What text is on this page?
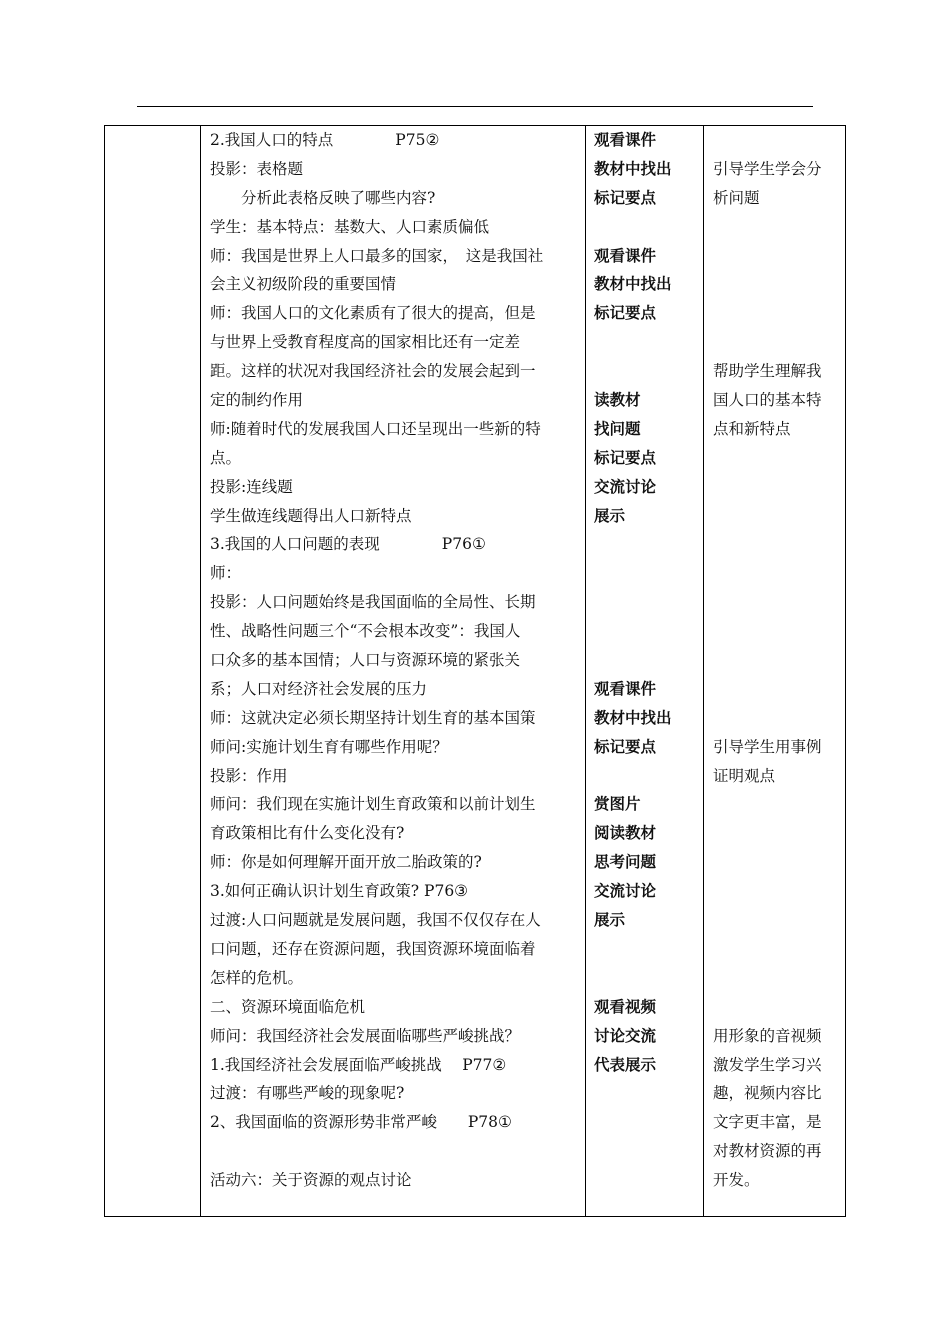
2.我国人口的特点　　　　P75②
投影：表格题
　　分析此表格反映了哪些内容?
学生：基本特点：基数大、人口素质偏低
师：我国是世界上人口最多的国家，　这是我国社
会主义初级阶段的重要国情
师：我国人口的文化素质有了很大的提高，但是
与世界上受教育程度高的国家相比还有一定差
距。这样的状况对我国经济社会的发展会起到一
定的制约作用
师:随着时代的发展我国人口还呈现出一些新的特
点。
投影:连线题
学生做连线题得出人口新特点
3.我国的人口问题的表现　　　　P76①
师：
投影：人口问题始终是我国面临的全局性、长期
性、战略性问题三个“不会根本改变”：我国人
口众多的基本国情；人口与资源环境的紧张关
系；人口对经济社会发展的压力
师：这就决定必须长期坚持计划生育的基本国策
师问:实施计划生育有哪些作用呢？
投影：作用
师问：我们现在实施计划生育政策和以前计划生
育政策相比有什么变化没有?
师：你是如何理解开面开放二胎政策的?
3.如何正确认识计划生育政策? P76③
过渡:人口问题就是发展问题，我国不仅仅存在人
口问题，还存在资源问题，我国资源环境面临着
怎样的危机。
二、资源环境面临危机
师问：我国经济社会发展面临哪些严峻挑战？
1.我国经济社会发展面临严峻挑战　 P77②
过渡：有哪些严峻的现象呢?
2、我国面临的资源形势非常严峻　　P78①
活动六：关于资源的观点讨论
观看课件
教材中找出
标记要点
观看课件
教材中找出
标记要点
读教材
找问题
标记要点
交流讨论
展示
观看课件
教材中找出
标记要点
赏图片
阅读教材
思考问题
交流讨论
展示
观看视频
讨论交流
代表展示
引导学生学会分
析问题
帮助学生理解我
国人口的基本特
点和新特点
引导学生用事例
证明观点
用形象的音视频
激发学生学习兴
趣，视频内容比
文字更丰富，是
对教材资源的再
开发。
